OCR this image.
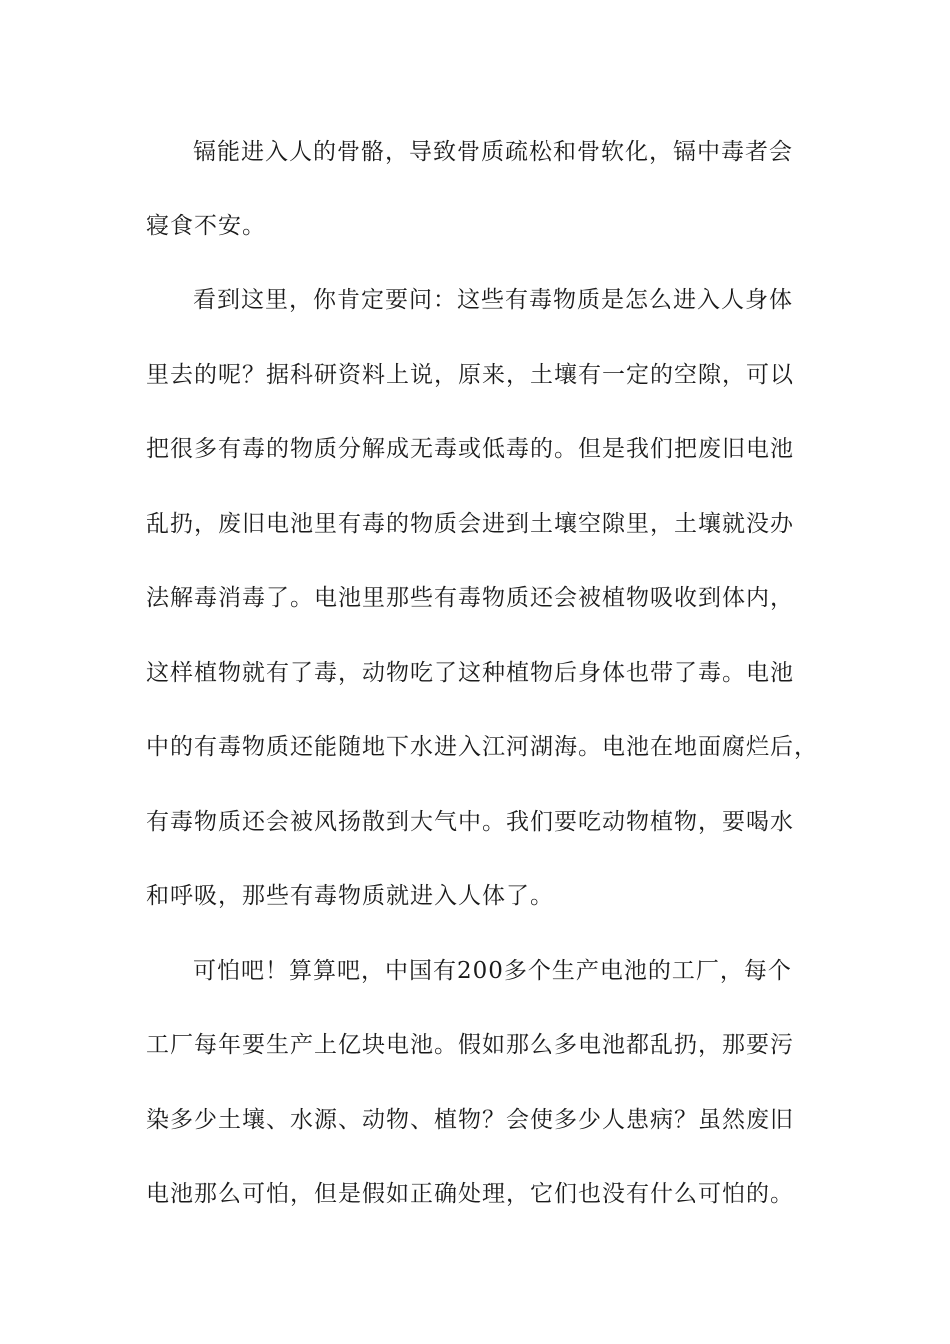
镉能进入人的骨骼，导致骨质疏松和骨软化，镉中毒者会
寝食不安。
看到这里，你肯定要问：这些有毒物质是怎么进入人身体
里去的呢？据科研资料上说，原来，土壤有一定的空隙，可以
把很多有毒的物质分解成无毒或低毒的。但是我们把废旧电池
乱扔，废旧电池里有毒的物质会进到土壤空隙里，土壤就没办
法解毒消毒了。电池里那些有毒物质还会被植物吸收到体内，
这样植物就有了毒，动物吃了这种植物后身体也带了毒。电池
中的有毒物质还能随地下水进入江河湖海。电池在地面腐烂后，
有毒物质还会被风扬散到大气中。我们要吃动物植物，要喝水
和呼吸，那些有毒物质就进入人体了。
可怕吧！算算吧，中国有200多个生产电池的工厂，每个
工厂每年要生产上亿块电池。假如那么多电池都乱扔，那要污
染多少土壤、水源、动物、植物？会使多少人患病？虽然废旧
电池那么可怕，但是假如正确处理，它们也没有什么可怕的。
